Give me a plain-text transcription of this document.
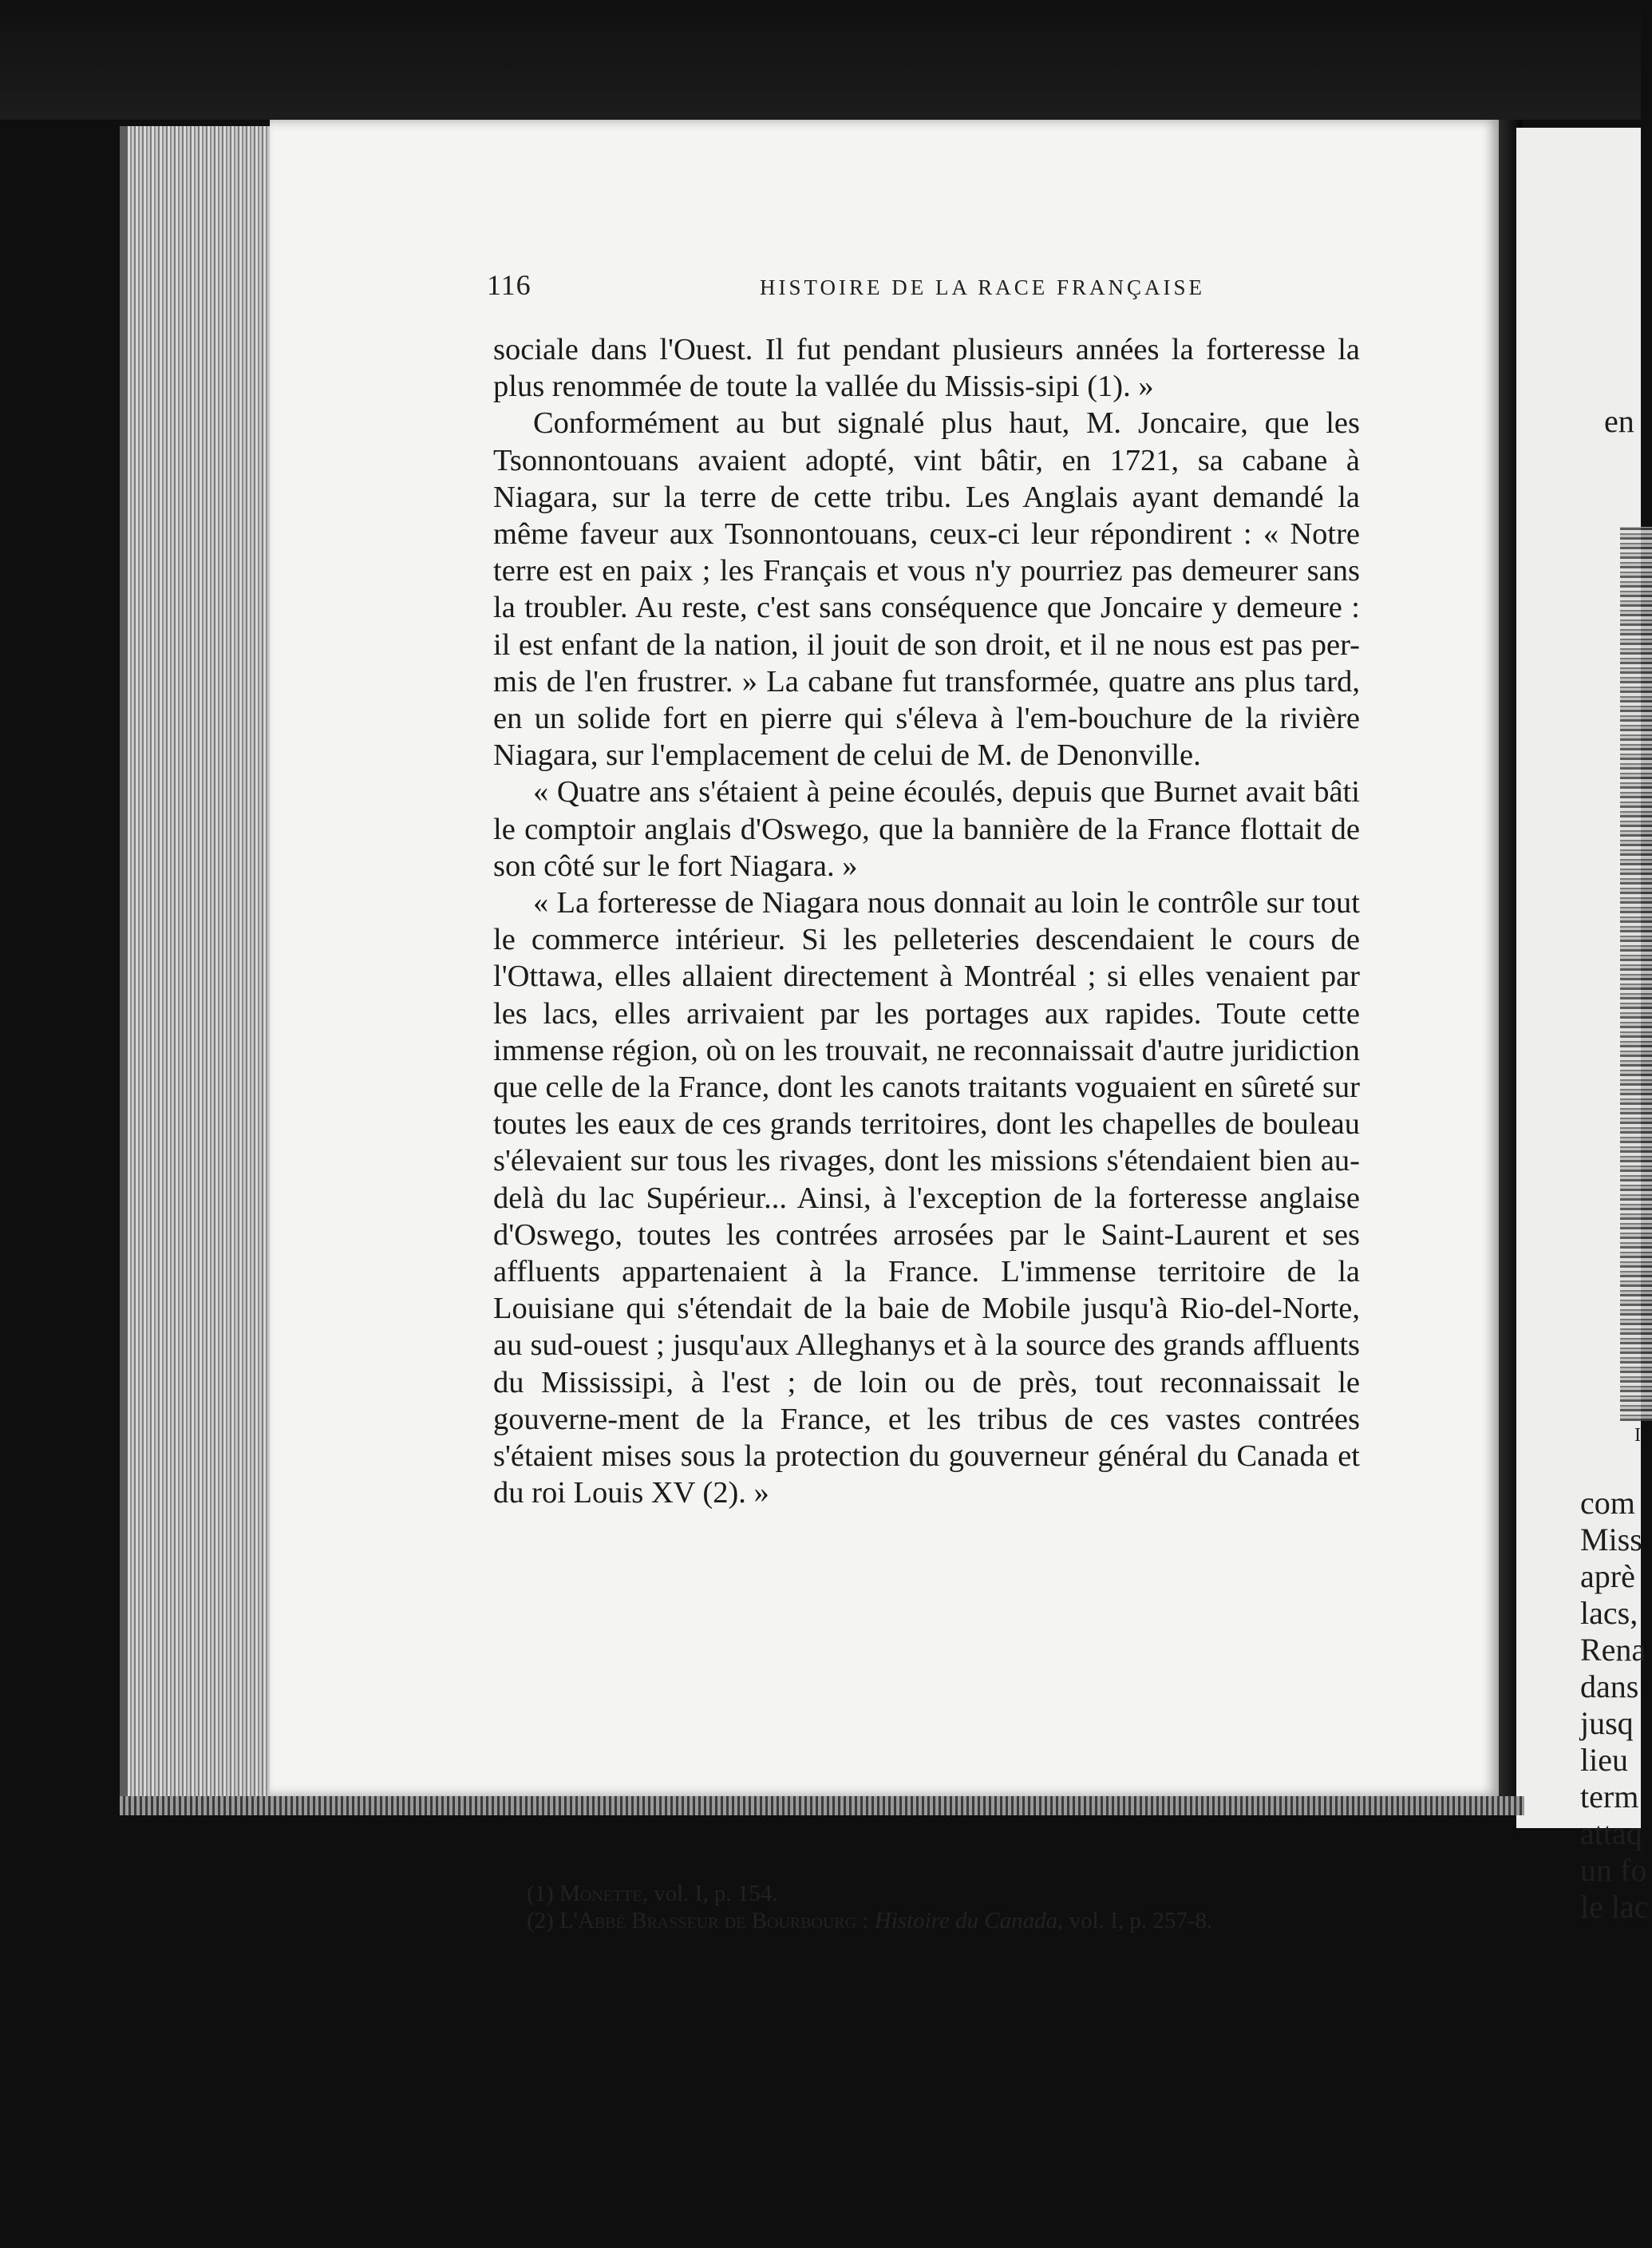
116	HISTOIRE DE LA RACE FRANÇAISE

sociale dans l'Ouest. Il fut pendant plusieurs années la forteresse la plus renommée de toute la vallée du Missis-sipi (1). »

Conformément au but signalé plus haut, M. Joncaire, que les Tsonnontouans avaient adopté, vint bâtir, en 1721, sa cabane à Niagara, sur la terre de cette tribu. Les Anglais ayant demandé la même faveur aux Tsonnontouans, ceux-ci leur répondirent : « Notre terre est en paix ; les Français et vous n'y pourriez pas demeurer sans la troubler. Au reste, c'est sans conséquence que Joncaire y demeure : il est enfant de la nation, il jouit de son droit, et il ne nous est pas per-mis de l'en frustrer. » La cabane fut transformée, quatre ans plus tard, en un solide fort en pierre qui s'éleva à l'em-bouchure de la rivière Niagara, sur l'emplacement de celui de M. de Denonville.

« Quatre ans s'étaient à peine écoulés, depuis que Burnet avait bâti le comptoir anglais d'Oswego, que la bannière de la France flottait de son côté sur le fort Niagara. »

« La forteresse de Niagara nous donnait au loin le contrôle sur tout le commerce intérieur. Si les pelleteries descendaient le cours de l'Ottawa, elles allaient directement à Montréal ; si elles venaient par les lacs, elles arrivaient par les portages aux rapides. Toute cette immense région, où on les trouvait, ne reconnaissait d'autre juridiction que celle de la France, dont les canots traitants voguaient en sûreté sur toutes les eaux de ces grands territoires, dont les chapelles de bouleau s'élevaient sur tous les rivages, dont les missions s'étendaient bien au-delà du lac Supérieur... Ainsi, à l'exception de la forteresse anglaise d'Oswego, toutes les contrées arrosées par le Saint-Laurent et ses affluents appartenaient à la France. L'immense territoire de la Louisiane qui s'étendait de la baie de Mobile jusqu'à Rio-del-Norte, au sud-ouest ; jusqu'aux Alleghanys et à la source des grands affluents du Mississipi, à l'est ; de loin ou de près, tout reconnaissait le gouverne-ment de la France, et les tribus de ces vastes contrées s'étaient mises sous la protection du gouverneur général du Canada et du roi Louis XV (2). »

(1) Monette, vol. I, p. 154.

(2) L'Abbé Brasseur de Bourbourg : Histoire du Canada, vol. I, p. 257-8.

en
I
com
Miss
aprè
lacs,
Rena
dans
jusq
lieu
term
attaq
un fo
le lac
